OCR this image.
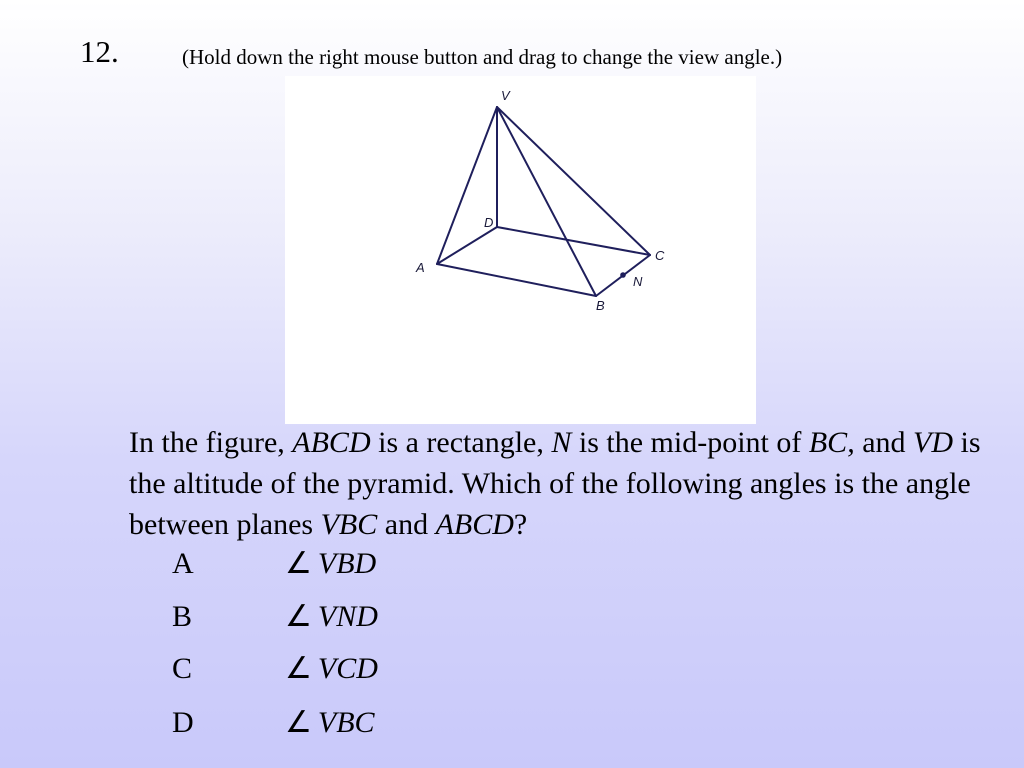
12.	(Hold down the right mouse button and drag to change the view angle.)
V
D
A
B
C
N
In the figure, ABCD is a rectangle, N is the mid-point of BC, and VD is the altitude of the pyramid. Which of the following angles is the angle between planes VBC and ABCD?
A	∠ VBD
B	∠ VND
C	∠ VCD
D	∠ VBC
